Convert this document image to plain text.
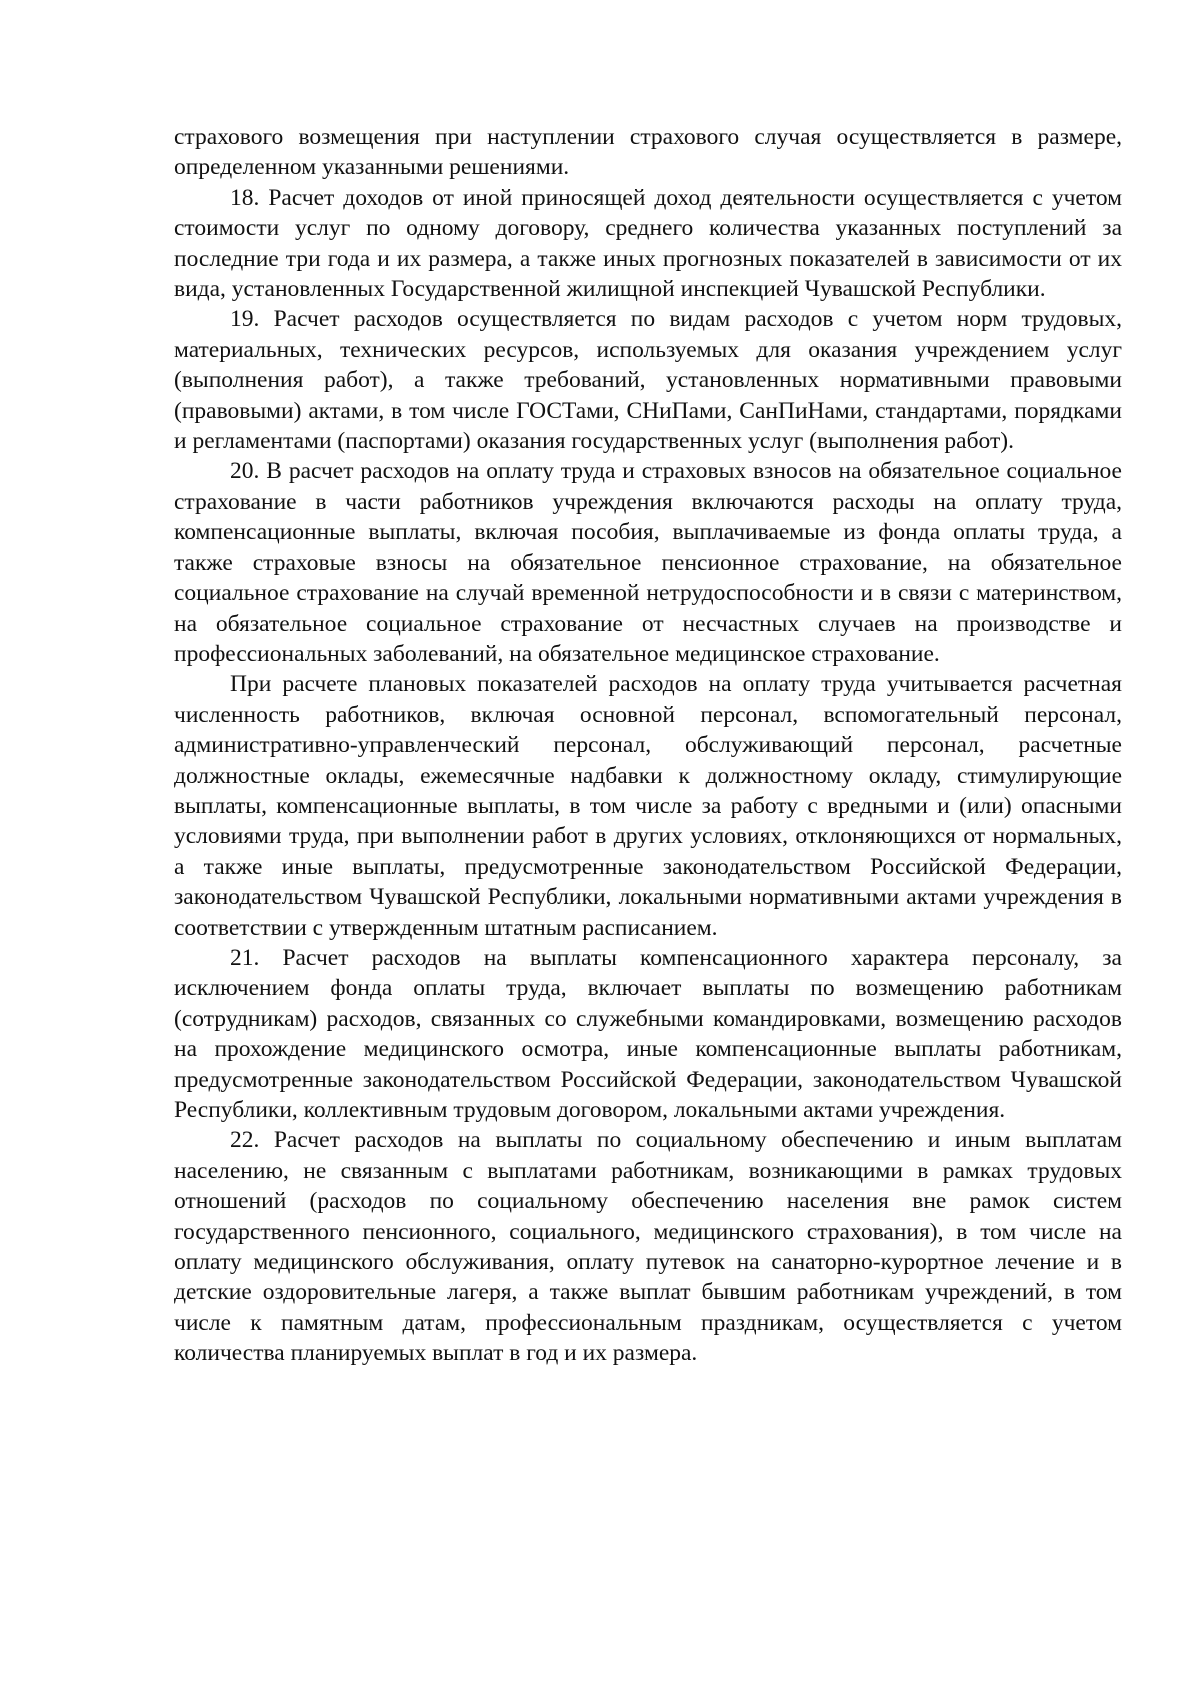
страхового возмещения при наступлении страхового случая осуществляется в размере, определенном указанными решениями.

18. Расчет доходов от иной приносящей доход деятельности осуществляется с учетом стоимости услуг по одному договору, среднего количества указанных поступлений за последние три года и их размера, а также иных прогнозных показателей в зависимости от их вида, установленных Государственной жилищной инспекцией Чувашской Республики.

19. Расчет расходов осуществляется по видам расходов с учетом норм трудовых, материальных, технических ресурсов, используемых для оказания учреждением услуг (выполнения работ), а также требований, установленных нормативными правовыми (правовыми) актами, в том числе ГОСТами, СНиПами, СанПиНами, стандартами, порядками и регламентами (паспортами) оказания государственных услуг (выполнения работ).

20. В расчет расходов на оплату труда и страховых взносов на обязательное социальное страхование в части работников учреждения включаются расходы на оплату труда, компенсационные выплаты, включая пособия, выплачиваемые из фонда оплаты труда, а также страховые взносы на обязательное пенсионное страхование, на обязательное социальное страхование на случай временной нетрудоспособности и в связи с материнством, на обязательное социальное страхование от несчастных случаев на производстве и профессиональных заболеваний, на обязательное медицинское страхование.

При расчете плановых показателей расходов на оплату труда учитывается расчетная численность работников, включая основной персонал, вспомогательный персонал, административно-управленческий персонал, обслуживающий персонал, расчетные должностные оклады, ежемесячные надбавки к должностному окладу, стимулирующие выплаты, компенсационные выплаты, в том числе за работу с вредными и (или) опасными условиями труда, при выполнении работ в других условиях, отклоняющихся от нормальных, а также иные выплаты, предусмотренные законодательством Российской Федерации, законодательством Чувашской Республики, локальными нормативными актами учреждения в соответствии с утвержденным штатным расписанием.

21. Расчет расходов на выплаты компенсационного характера персоналу, за исключением фонда оплаты труда, включает выплаты по возмещению работникам (сотрудникам) расходов, связанных со служебными командировками, возмещению расходов на прохождение медицинского осмотра, иные компенсационные выплаты работникам, предусмотренные законодательством Российской Федерации, законодательством Чувашской Республики, коллективным трудовым договором, локальными актами учреждения.

22. Расчет расходов на выплаты по социальному обеспечению и иным выплатам населению, не связанным с выплатами работникам, возникающими в рамках трудовых отношений (расходов по социальному обеспечению населения вне рамок систем государственного пенсионного, социального, медицинского страхования), в том числе на оплату медицинского обслуживания, оплату путевок на санаторно-курортное лечение и в детские оздоровительные лагеря, а также выплат бывшим работникам учреждений, в том числе к памятным датам, профессиональным праздникам, осуществляется с учетом количества планируемых выплат в год и их размера.
